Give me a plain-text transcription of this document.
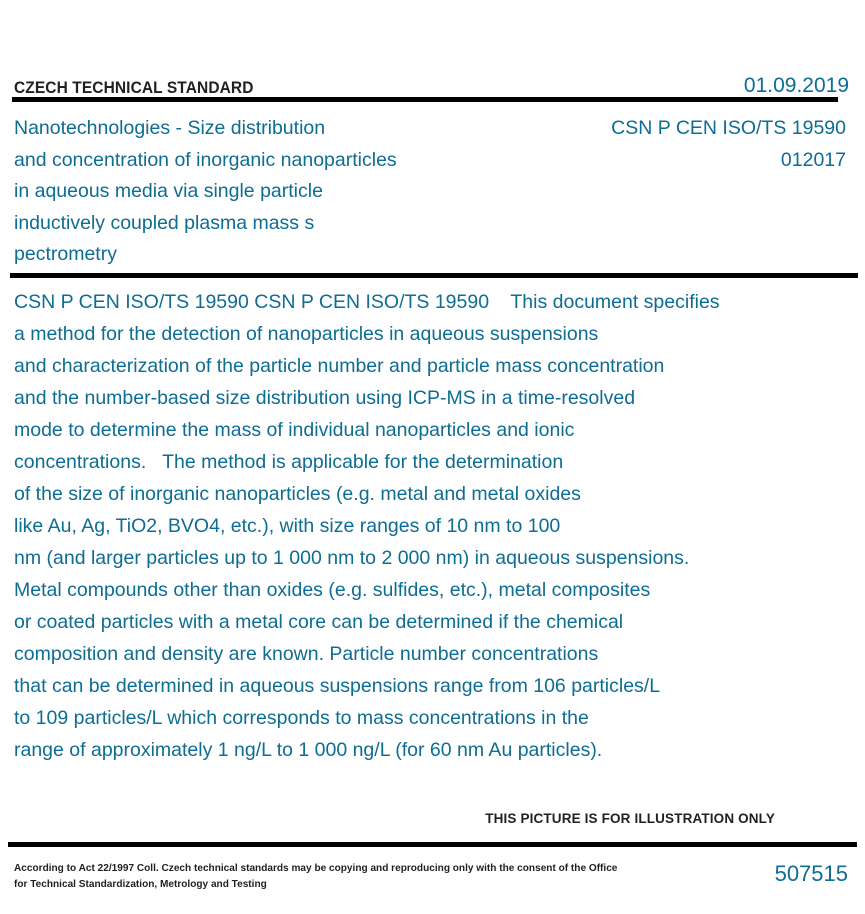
CZECH TECHNICAL STANDARD	01.09.2019
Nanotechnologies - Size distribution
and concentration of inorganic nanoparticles
in aqueous media via single particle
inductively coupled plasma mass s
pectrometry
CSN P CEN ISO/TS 19590
012017
CSN P CEN ISO/TS 19590 CSN P CEN ISO/TS 19590    This document specifies
a method for the detection of nanoparticles in aqueous suspensions
and characterization of the particle number and particle mass concentration
and the number-based size distribution using ICP-MS in a time-resolved
mode to determine the mass of individual nanoparticles and ionic
concentrations.   The method is applicable for the determination
of the size of inorganic nanoparticles (e.g. metal and metal oxides
like Au, Ag, TiO2, BVO4, etc.), with size ranges of 10 nm to 100
nm (and larger particles up to 1 000 nm to 2 000 nm) in aqueous suspensions.
Metal compounds other than oxides (e.g. sulfides, etc.), metal composites
or coated particles with a metal core can be determined if the chemical
composition and density are known. Particle number concentrations
that can be determined in aqueous suspensions range from 106 particles/L
to 109 particles/L which corresponds to mass concentrations in the
range of approximately 1 ng/L to 1 000 ng/L (for 60 nm Au particles).
THIS PICTURE IS FOR ILLUSTRATION ONLY
According to Act 22/1997 Coll. Czech technical standards may be copying and reproducing only with the consent of the Office
for Technical Standardization, Metrology and Testing	507515
